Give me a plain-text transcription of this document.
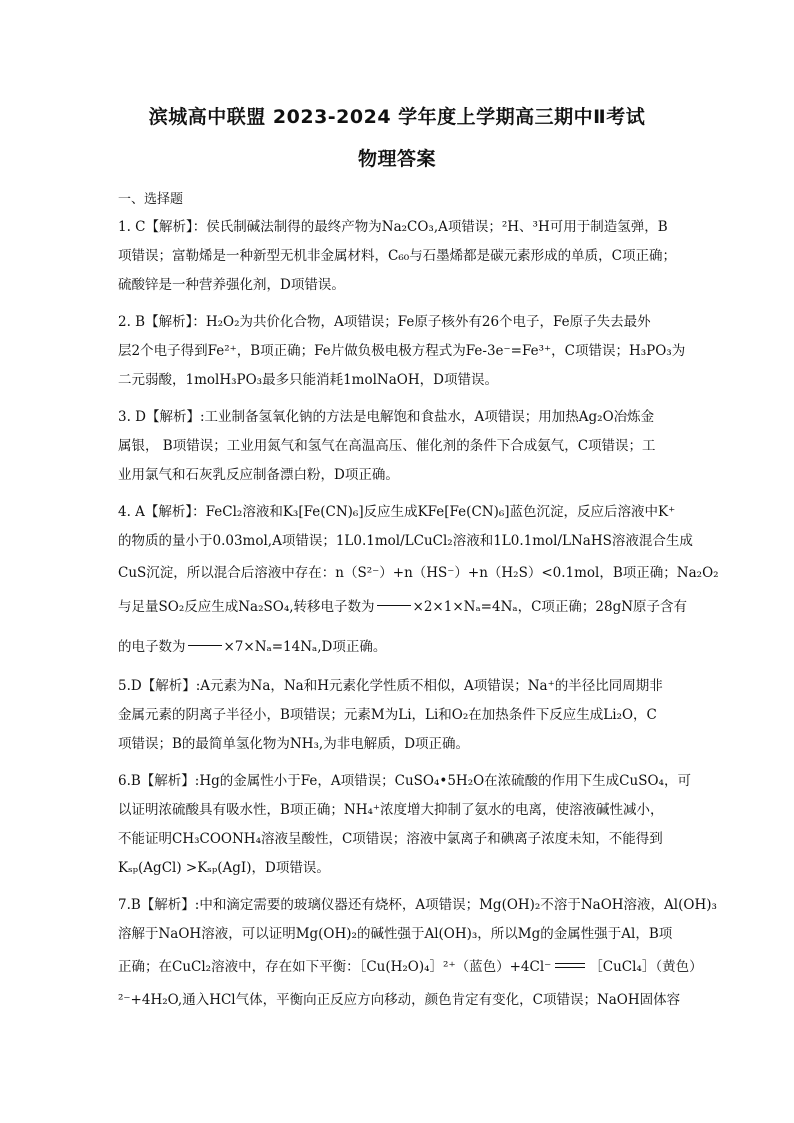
滨城高中联盟 2023-2024 学年度上学期高三期中Ⅱ考试
物理答案
一、选择题
1. C【解析】：侯氏制碱法制得的最终产物为Na₂CO₃,A项错误；²H、³H可用于制造氢弹，B
项错误；富勒烯是一种新型无机非金属材料，C₆₀与石墨烯都是碳元素形成的单质，C项正确；
硫酸锌是一种营养强化剂，D项错误。
2. B【解析】：H₂O₂为共价化合物，A项错误；Fe原子核外有26个电子，Fe原子失去最外
层2个电子得到Fe²⁺，B项正确；Fe片做负极电极方程式为Fe-3e⁻=Fe³⁺，C项错误；H₃PO₃为
二元弱酸，1molH₃PO₃最多只能消耗1molNaOH，D项错误。
3. D【解析】:工业制备氢氧化钠的方法是电解饱和食盐水，A项错误；用加热Ag₂O冶炼金
属银， B项错误；工业用氮气和氢气在高温高压、催化剂的条件下合成氨气，C项错误；工
业用氯气和石灰乳反应制备漂白粉，D项正确。
4. A【解析】：FeCl₂溶液和K₃[Fe(CN)₆]反应生成KFe[Fe(CN)₆]蓝色沉淀，反应后溶液中K⁺
的物质的量小于0.03mol,A项错误；1L0.1mol/LCuCl₂溶液和1L0.1mol/LNaHS溶液混合生成
CuS沉淀，所以混合后溶液中存在：n（S²⁻）+n（HS⁻）+n（H₂S）<0.1mol，B项正确；Na₂O₂
与足量SO₂反应生成Na₂SO₄,转移电子数为	×2×1×Nₐ=4Nₐ，C项正确；28gN原子含有
的电子数为	×7×Nₐ=14Nₐ,D项正确。
5.D【解析】:A元素为Na，Na和H元素化学性质不相似，A项错误；Na⁺的半径比同周期非
金属元素的阴离子半径小，B项错误；元素M为Li，Li和O₂在加热条件下反应生成Li₂O，C
项错误；B的最简单氢化物为NH₃,为非电解质，D项正确。
6.B【解析】:Hg的金属性小于Fe，A项错误；CuSO₄•5H₂O在浓硫酸的作用下生成CuSO₄，可
以证明浓硫酸具有吸水性，B项正确；NH₄⁺浓度增大抑制了氨水的电离，使溶液碱性减小，
不能证明CH₃COONH₄溶液呈酸性，C项错误；溶液中氯离子和碘离子浓度未知，不能得到
Kₛₚ(AgCl) >Kₛₚ(AgI)，D项错误。
7.B【解析】:中和滴定需要的玻璃仪器还有烧杯，A项错误；Mg(OH)₂不溶于NaOH溶液，Al(OH)₃
溶解于NaOH溶液，可以证明Mg(OH)₂的碱性强于Al(OH)₃，所以Mg的金属性强于Al，B项
正确；在CuCl₂溶液中，存在如下平衡：［Cu(H₂O)₄］²⁺（蓝色）+4Cl⁻	［CuCl₄］（黄色）
²⁻+4H₂O,通入HCl气体，平衡向正反应方向移动，颜色肯定有变化，C项错误；NaOH固体容
